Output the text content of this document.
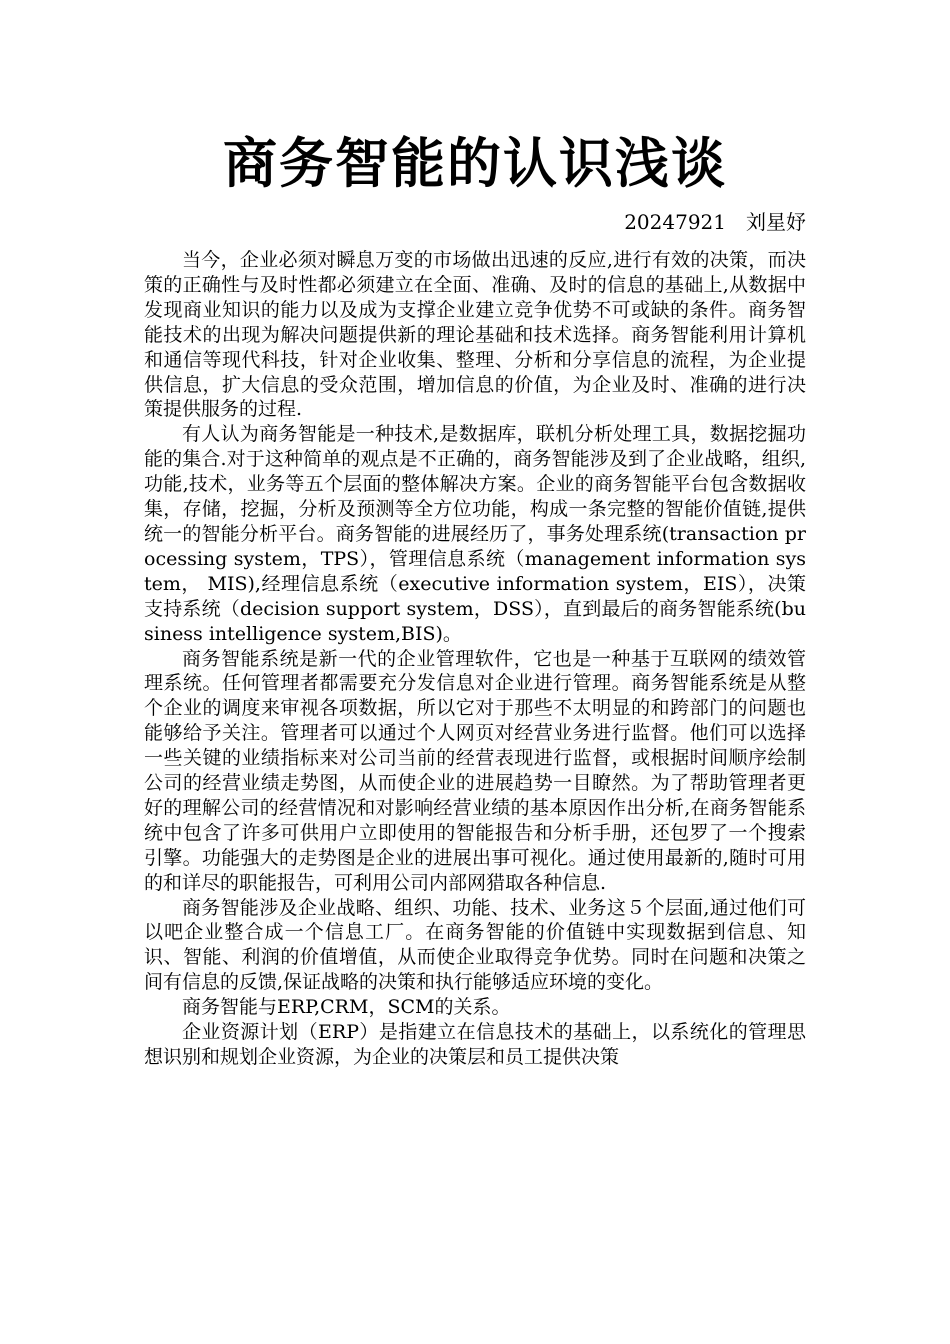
商务智能的认识浅谈
20247921　刘星妤

当今，企业必须对瞬息万变的市场做出迅速的反应,进行有效的决策，而决策的正确性与及时性都必须建立在全面、准确、及时的信息的基础上,从数据中发现商业知识的能力以及成为支撑企业建立竞争优势不可或缺的条件。商务智能技术的出现为解决问题提供新的理论基础和技术选择。商务智能利用计算机和通信等现代科技，针对企业收集、整理、分析和分享信息的流程，为企业提供信息，扩大信息的受众范围，增加信息的价值，为企业及时、准确的进行决策提供服务的过程.

有人认为商务智能是一种技术,是数据库，联机分析处理工具，数据挖掘功能的集合.对于这种简单的观点是不正确的，商务智能涉及到了企业战略，组织,功能,技术，业务等五个层面的整体解决方案。企业的商务智能平台包含数据收集，存储，挖掘，分析及预测等全方位功能，构成一条完整的智能价值链,提供统一的智能分析平台。商务智能的进展经历了，事务处理系统(transaction processing system，TPS），管理信息系统（management information system， MIS),经理信息系统（executive information system，EIS），决策支持系统（decision support system，DSS），直到最后的商务智能系统(business intelligence system,BIS)。

商务智能系统是新一代的企业管理软件，它也是一种基于互联网的绩效管理系统。任何管理者都需要充分发信息对企业进行管理。商务智能系统是从整个企业的调度来审视各项数据，所以它对于那些不太明显的和跨部门的问题也能够给予关注。管理者可以通过个人网页对经营业务进行监督。他们可以选择一些关键的业绩指标来对公司当前的经营表现进行监督，或根据时间顺序绘制公司的经营业绩走势图，从而使企业的进展趋势一目瞭然。为了帮助管理者更好的理解公司的经营情况和对影响经营业绩的基本原因作出分析,在商务智能系统中包含了许多可供用户立即使用的智能报告和分析手册，还包罗了一个搜索引擎。功能强大的走势图是企业的进展出事可视化。通过使用最新的,随时可用的和详尽的职能报告，可利用公司内部网猎取各种信息.

商务智能涉及企业战略、组织、功能、技术、业务这５个层面,通过他们可以吧企业整合成一个信息工厂。在商务智能的价值链中实现数据到信息、知识、智能、利润的价值增值，从而使企业取得竞争优势。同时在问题和决策之间有信息的反馈,保证战略的决策和执行能够适应环境的变化。

商务智能与ERP,CRM，SCM的关系。

企业资源计划（ERP）是指建立在信息技术的基础上，以系统化的管理思想识别和规划企业资源，为企业的决策层和员工提供决策
